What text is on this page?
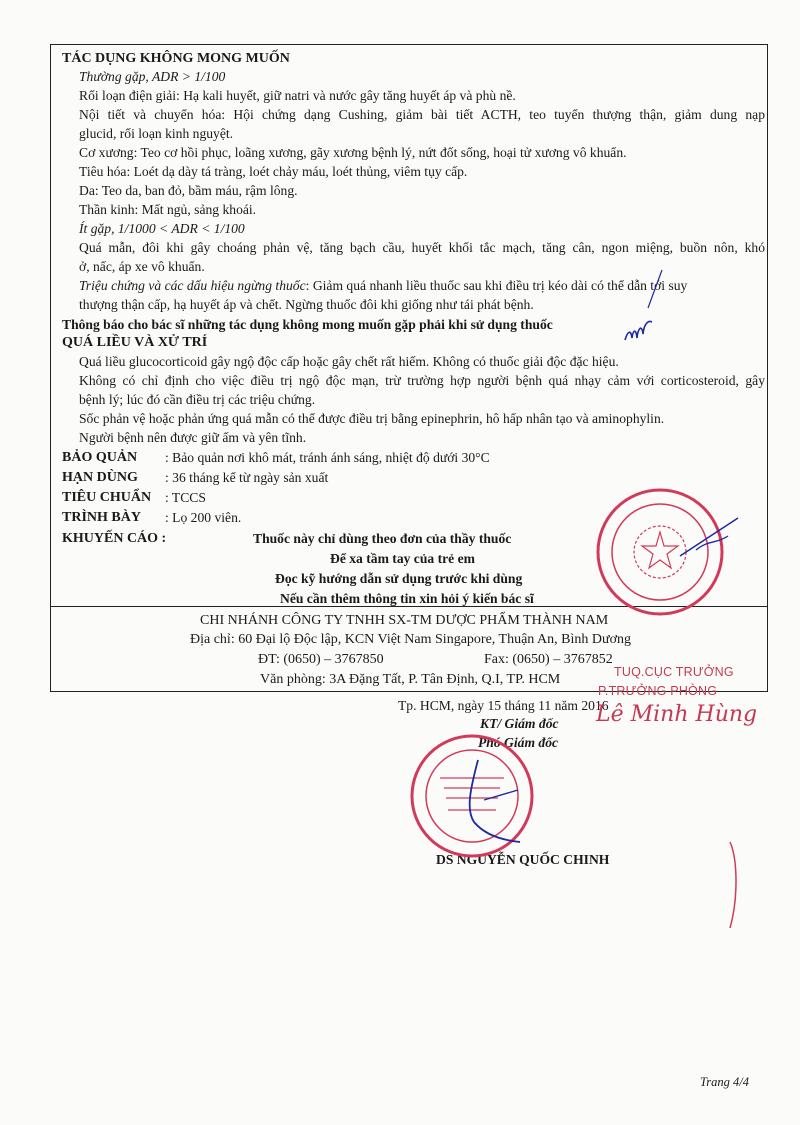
TÁC DỤNG KHÔNG MONG MUỐN
Thường gặp, ADR > 1/100
Rối loạn điện giải: Hạ kali huyết, giữ natri và nước gây tăng huyết áp và phù nề.
Nội tiết và chuyển hóa: Hội chứng dạng Cushing, giảm bài tiết ACTH, teo tuyến thượng thận, giảm dung nạp
glucid, rối loạn kinh nguyệt.
Cơ xương: Teo cơ hồi phục, loãng xương, gãy xương bệnh lý, nứt đốt sống, hoại tử xương vô khuẩn.
Tiêu hóa: Loét dạ dày tá tràng, loét chảy máu, loét thủng, viêm tụy cấp.
Da: Teo da, ban đỏ, bầm máu, rậm lông.
Thần kinh: Mất ngủ, sảng khoái.
Ít gặp, 1/1000 < ADR < 1/100
Quá mẫn, đôi khi gây choáng phản vệ, tăng bạch cầu, huyết khối tắc mạch, tăng cân, ngon miệng, buồn nôn, khó
ở, nấc, áp xe vô khuẩn.
Triệu chứng và các dấu hiệu ngừng thuốc: Giảm quá nhanh liều thuốc sau khi điều trị kéo dài có thể dẫn tới suy
thượng thận cấp, hạ huyết áp và chết. Ngừng thuốc đôi khi giống như tái phát bệnh.
Thông báo cho bác sĩ những tác dụng không mong muốn gặp phải khi sử dụng thuốc
QUÁ LIỀU VÀ XỬ TRÍ
Quá liều glucocorticoid gây ngộ độc cấp hoặc gây chết rất hiếm. Không có thuốc giải độc đặc hiệu.
Không có chỉ định cho việc điều trị ngộ độc mạn, trừ trường hợp người bệnh quá nhạy cảm với corticosteroid, gây
bệnh lý; lúc đó cần điều trị các triệu chứng.
Sốc phản vệ hoặc phản ứng quá mẫn có thể được điều trị bằng epinephrin, hô hấp nhân tạo và aminophylin.
Người bệnh nên được giữ ấm và yên tĩnh.
BẢO QUẢN : Bảo quản nơi khô mát, tránh ánh sáng, nhiệt độ dưới 30°C
HẠN DÙNG : 36 tháng kể từ ngày sản xuất
TIÊU CHUẨN : TCCS
TRÌNH BÀY : Lọ 200 viên.
KHUYẾN CÁO :	Thuốc này chỉ dùng theo đơn của thầy thuốc
Để xa tầm tay của trẻ em
Đọc kỹ hướng dẫn sử dụng trước khi dùng
Nếu cần thêm thông tin xin hỏi ý kiến bác sĩ
CHI NHÁNH CÔNG TY TNHH SX-TM DƯỢC PHẨM THÀNH NAM
Địa chỉ: 60 Đại lộ Độc lập, KCN Việt Nam Singapore, Thuận An, Bình Dương
ĐT: (0650) – 3767850	Fax: (0650) – 3767852
Văn phòng: 3A Đặng Tất, P. Tân Định, Q.I, TP. HCM
Tp. HCM, ngày 15 tháng 11 năm 2016
KT/ Giám đốc
Phó Giám đốc
DS NGUYỄN QUỐC CHINH
TUQ.CỤC TRƯỞNG
P.TRƯỞNG PHÒNG
Lê Minh Hùng
Trang 4/4
